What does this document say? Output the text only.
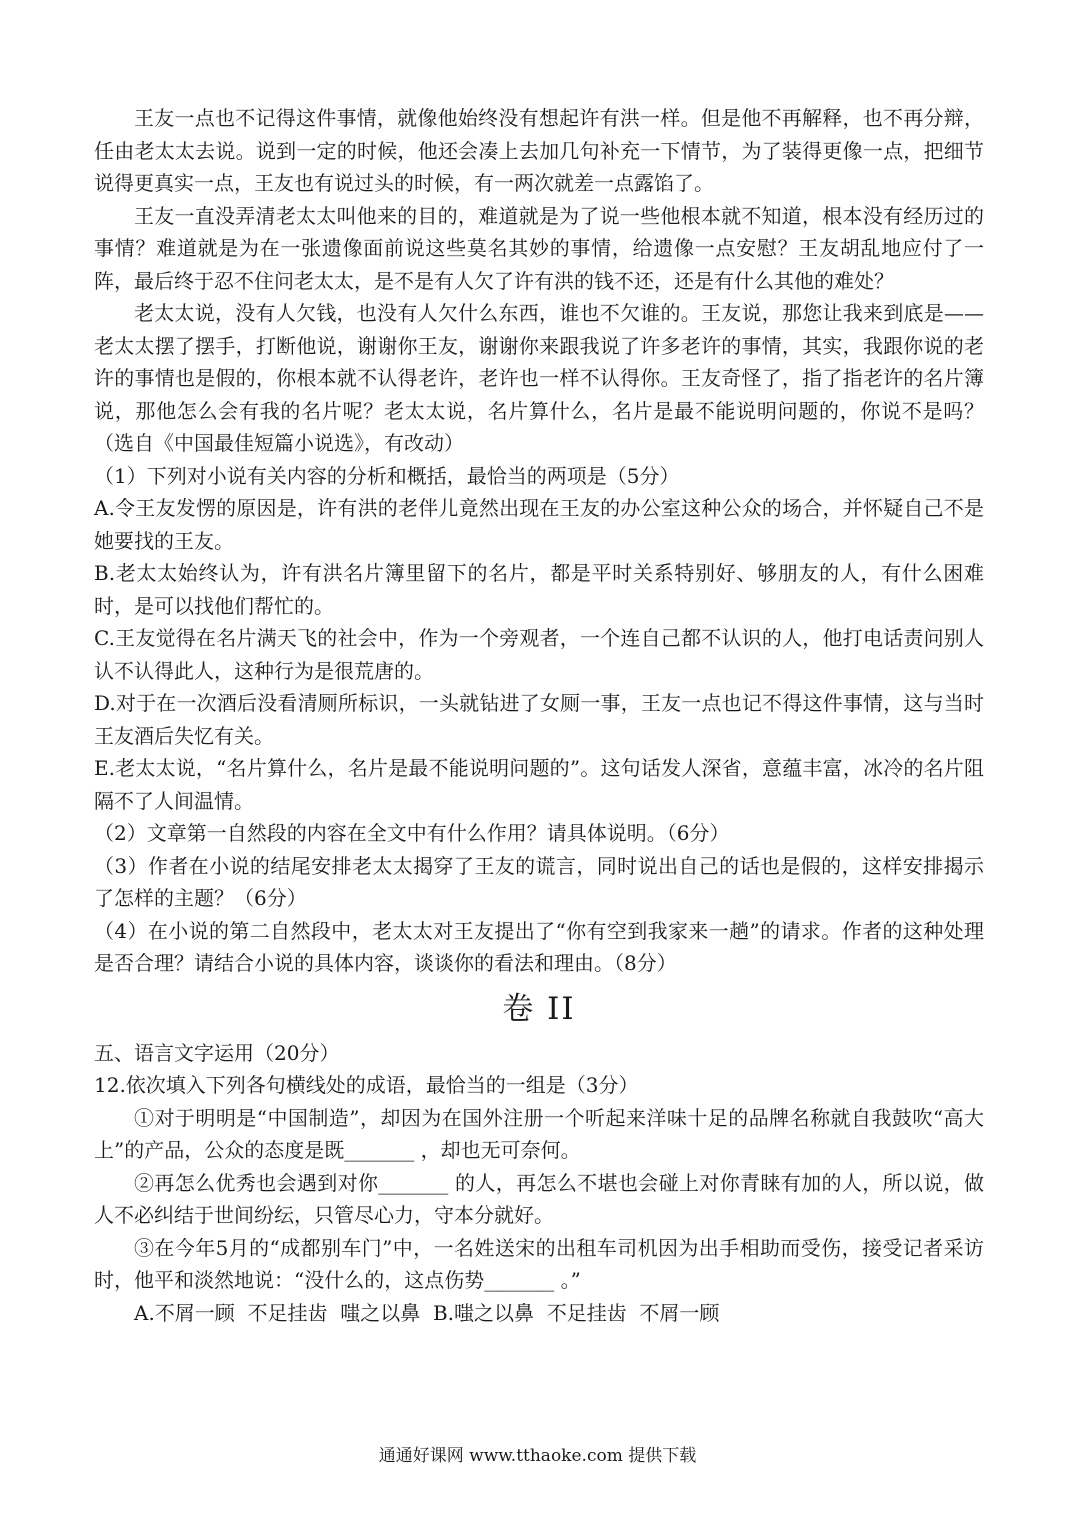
王友一点也不记得这件事情，就像他始终没有想起许有洪一样。但是他不再解释，也不再分辩，任由老太太去说。说到一定的时候，他还会凑上去加几句补充一下情节，为了装得更像一点，把细节说得更真实一点，王友也有说过头的时候，有一两次就差一点露馅了。

王友一直没弄清老太太叫他来的目的，难道就是为了说一些他根本就不知道，根本没有经历过的事情？难道就是为在一张遗像面前说这些莫名其妙的事情，给遗像一点安慰？王友胡乱地应付了一阵，最后终于忍不住问老太太，是不是有人欠了许有洪的钱不还，还是有什么其他的难处？

老太太说，没有人欠钱，也没有人欠什么东西，谁也不欠谁的。王友说，那您让我来到底是——老太太摆了摆手，打断他说，谢谢你王友，谢谢你来跟我说了许多老许的事情，其实，我跟你说的老许的事情也是假的，你根本就不认得老许，老许也一样不认得你。王友奇怪了，指了指老许的名片簿说，那他怎么会有我的名片呢？老太太说，名片算什么，名片是最不能说明问题的，你说不是吗？（选自《中国最佳短篇小说选》，有改动）

（1）下列对小说有关内容的分析和概括，最恰当的两项是（5分）

A.令王友发愣的原因是，许有洪的老伴儿竟然出现在王友的办公室这种公众的场合，并怀疑自己不是她要找的王友。

B.老太太始终认为，许有洪名片簿里留下的名片，都是平时关系特别好、够朋友的人，有什么困难时，是可以找他们帮忙的。

C.王友觉得在名片满天飞的社会中，作为一个旁观者，一个连自己都不认识的人，他打电话责问别人认不认得此人，这种行为是很荒唐的。

D.对于在一次酒后没看清厕所标识，一头就钻进了女厕一事，王友一点也记不得这件事情，这与当时王友酒后失忆有关。

E.老太太说，“名片算什么，名片是最不能说明问题的”。这句话发人深省，意蕴丰富，冰冷的名片阻隔不了人间温情。

（2）文章第一自然段的内容在全文中有什么作用？请具体说明。（6分）

（3）作者在小说的结尾安排老太太揭穿了王友的谎言，同时说出自己的话也是假的，这样安排揭示了怎样的主题？（6分）

（4）在小说的第二自然段中，老太太对王友提出了“你有空到我家来一趟”的请求。作者的这种处理是否合理？请结合小说的具体内容，谈谈你的看法和理由。（8分）

卷 II

五、语言文字运用（20分）

12.依次填入下列各句横线处的成语，最恰当的一组是（3分）

①对于明明是“中国制造”，却因为在国外注册一个听起来洋味十足的品牌名称就自我鼓吹“高大上”的产品，公众的态度是既_______ ，却也无可奈何。

②再怎么优秀也会遇到对你_______ 的人，再怎么不堪也会碰上对你青睐有加的人，所以说，做人不必纠结于世间纷纭，只管尽心力，守本分就好。

③在今年5月的“成都别车门”中，一名姓送宋的出租车司机因为出手相助而受伤，接受记者采访时，他平和淡然地说：“没什么的，这点伤势_______ 。”

A.不屑一顾  不足挂齿  嗤之以鼻  B.嗤之以鼻  不足挂齿  不屑一顾

通通好课网 www.tthaoke.com 提供下载
